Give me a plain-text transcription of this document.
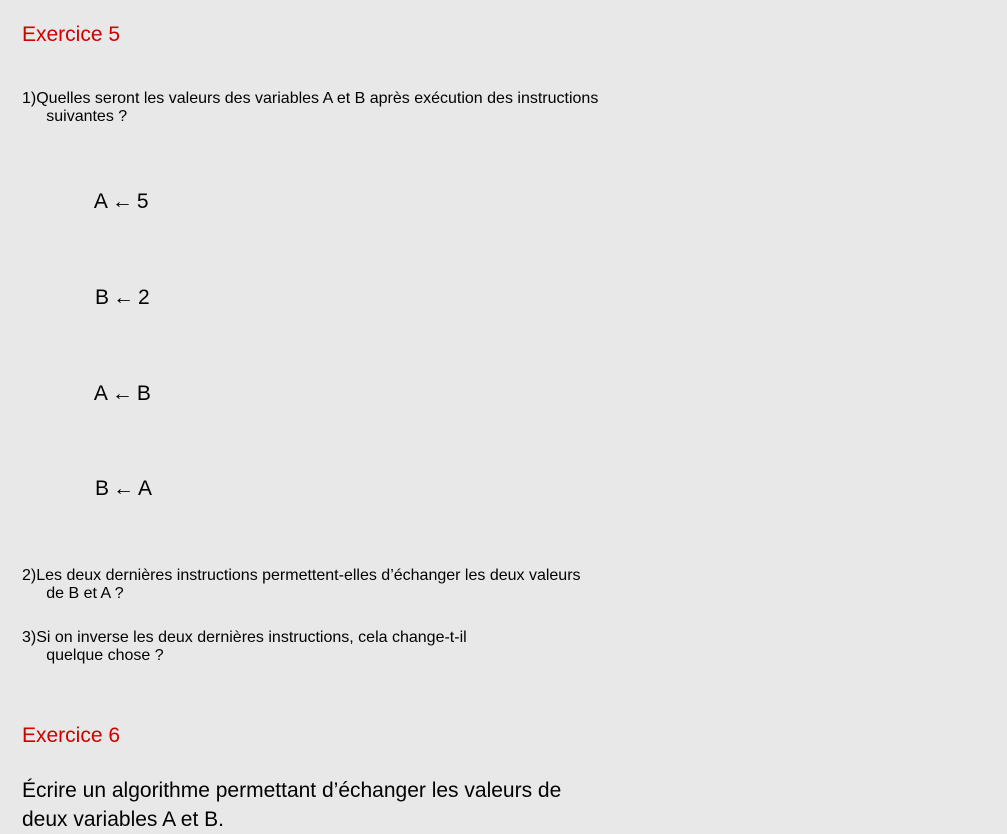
Exercice 5
1) Quelles seront les valeurs des variables A et B après exécution des instructions
suivantes ?

A ← 5

B ← 2

A ← B

B ← A

2) Les deux dernières instructions permettent-elles d’échanger les deux valeurs
de B et A ?
3) Si on inverse les deux dernières instructions, cela change-t-il
quelque chose ?
Exercice 6
Écrire un algorithme permettant d’échanger les valeurs de
deux variables A et B.
